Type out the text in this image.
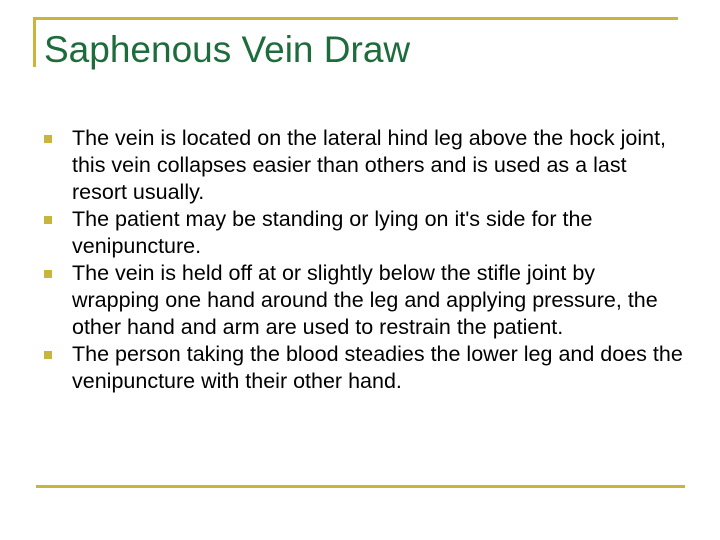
Saphenous Vein Draw
The vein is located on the lateral hind leg above the hock joint, this vein collapses easier than others and is used as a last resort usually.
The patient may be standing or lying on it's side for the venipuncture.
The vein is held off at or slightly below the stifle joint by wrapping one hand around the leg and applying pressure, the other hand and arm are used to restrain the patient.
The person taking the blood steadies the lower leg and does the venipuncture with their other hand.
